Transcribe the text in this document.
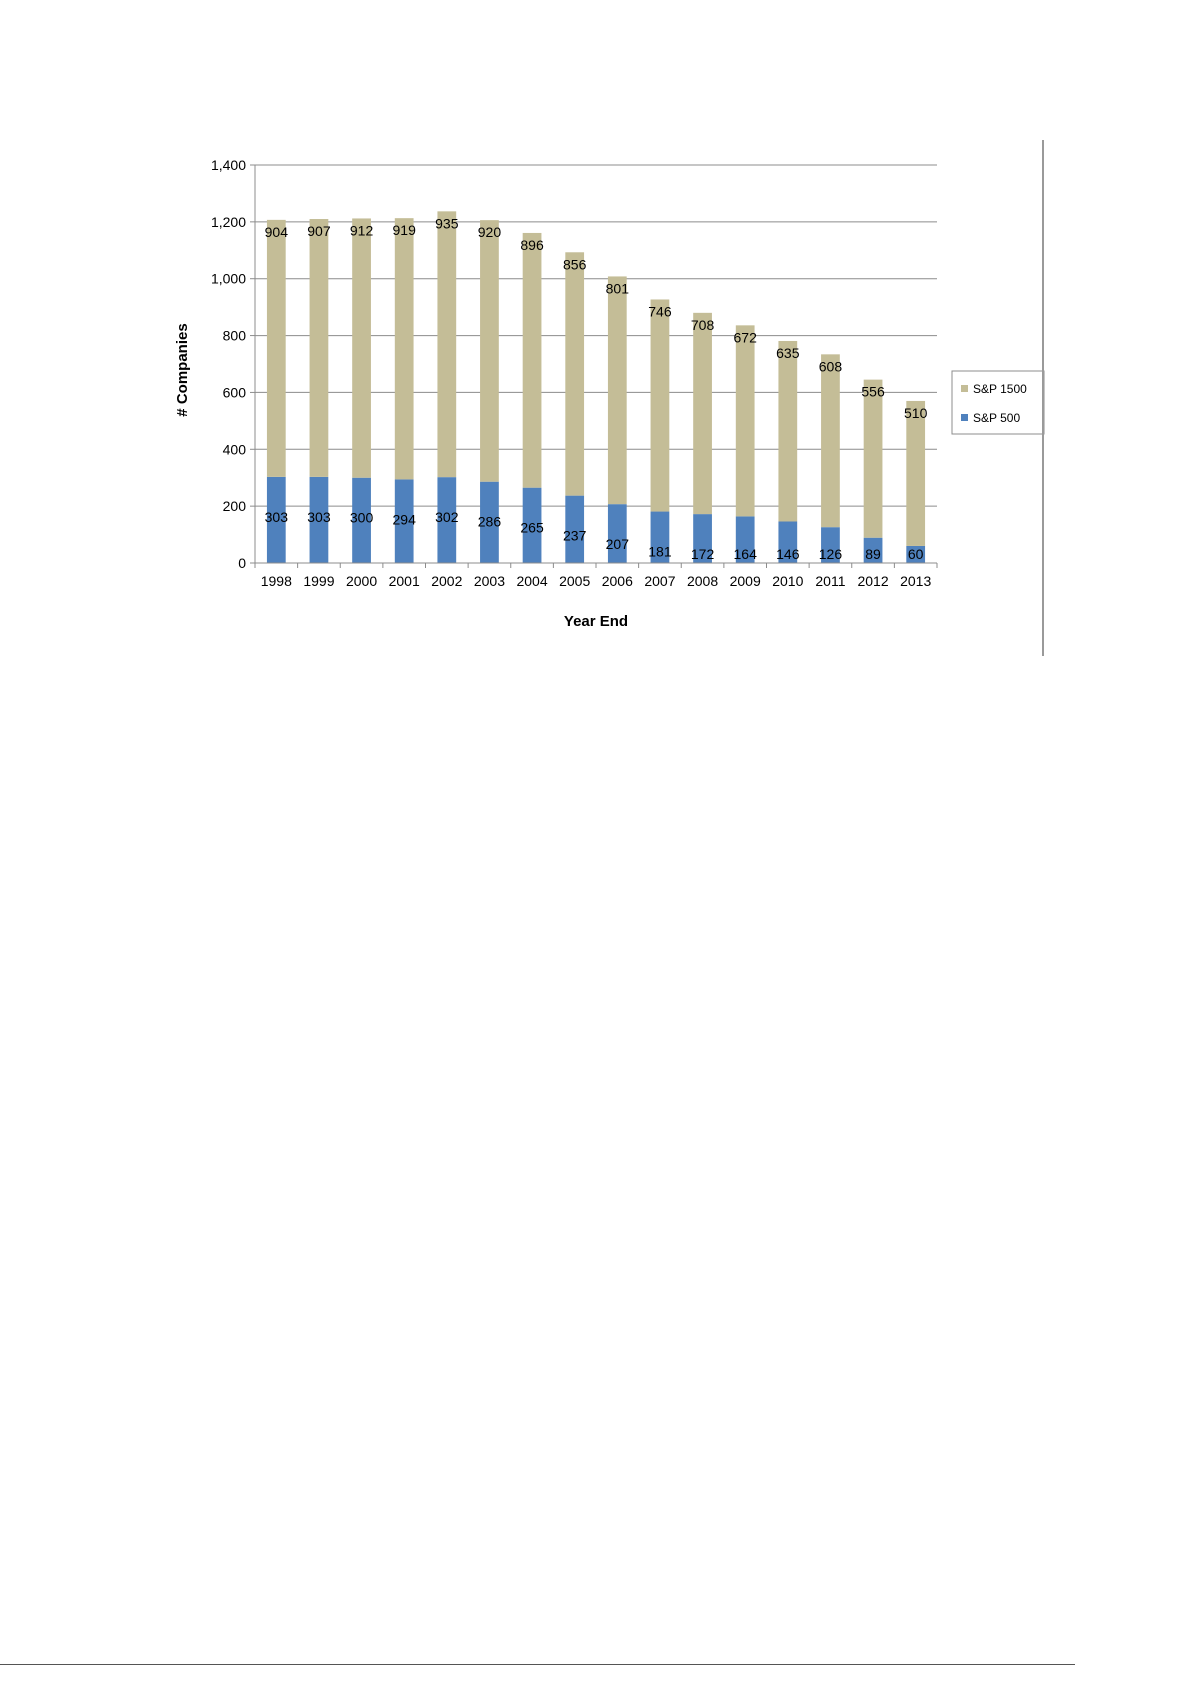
0
200
400
600
800
1,000
1,200
1,400
1998 1999 2000 2001 2002 2003 2004 2005 2006 2007 2008 2009 2010 2011 2012 2013
303
904
303
907
300
912
294
919
302
935
286
920
265
896
237
856
207
801
181
746
172
708
164
672
146
635
126
608
89
556
60
510
# Companies
Year End
S&P 1500
S&P 500
